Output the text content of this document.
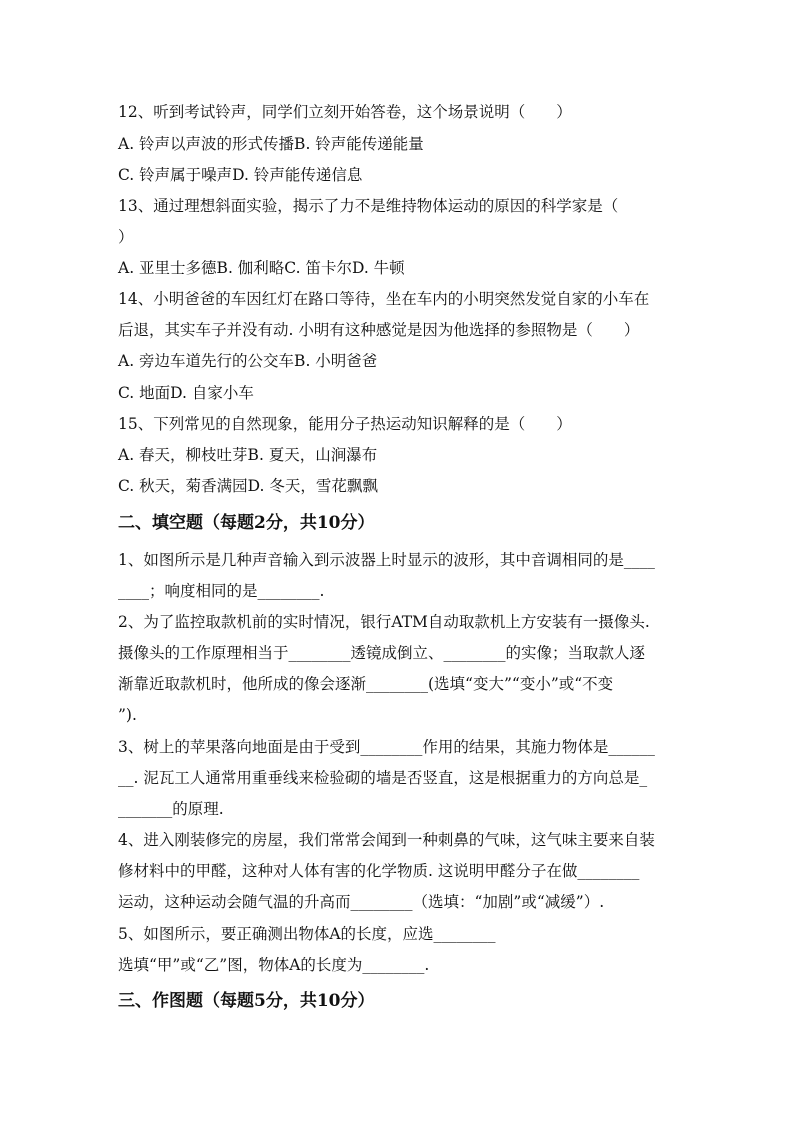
12、听到考试铃声，同学们立刻开始答卷，这个场景说明（　　）
A. 铃声以声波的形式传播B. 铃声能传递能量
C. 铃声属于噪声D. 铃声能传递信息
13、通过理想斜面实验，揭示了力不是维持物体运动的原因的科学家是（
）
A. 亚里士多德B. 伽利略C. 笛卡尔D. 牛顿
14、小明爸爸的车因红灯在路口等待，坐在车内的小明突然发觉自家的小车在
后退，其实车子并没有动. 小明有这种感觉是因为他选择的参照物是（　　）
A. 旁边车道先行的公交车B. 小明爸爸
C. 地面D. 自家小车
15、下列常见的自然现象，能用分子热运动知识解释的是（　　）
A. 春天，柳枝吐芽B. 夏天，山涧瀑布
C. 秋天，菊香满园D. 冬天，雪花飘飘
二、填空题（每题2分，共10分）
1、如图所示是几种声音输入到示波器上时显示的波形，其中音调相同的是____
____；响度相同的是________.
2、为了监控取款机前的实时情况，银行ATM自动取款机上方安装有一摄像头.
摄像头的工作原理相当于________透镜成倒立、________的实像；当取款人逐
渐靠近取款机时，他所成的像会逐渐________(选填“变大”“变小”或“不变
”).
3、树上的苹果落向地面是由于受到________作用的结果，其施力物体是______
__. 泥瓦工人通常用重垂线来检验砌的墙是否竖直，这是根据重力的方向总是_
_______的原理.
4、进入刚装修完的房屋，我们常常会闻到一种刺鼻的气味，这气味主要来自装
修材料中的甲醛，这种对人体有害的化学物质. 这说明甲醛分子在做________
运动，这种运动会随气温的升高而________（选填：“加剧”或“减缓”）.
5、如图所示，要正确测出物体A的长度，应选________
选填“甲”或“乙”图，物体A的长度为________.
三、作图题（每题5分，共10分）
